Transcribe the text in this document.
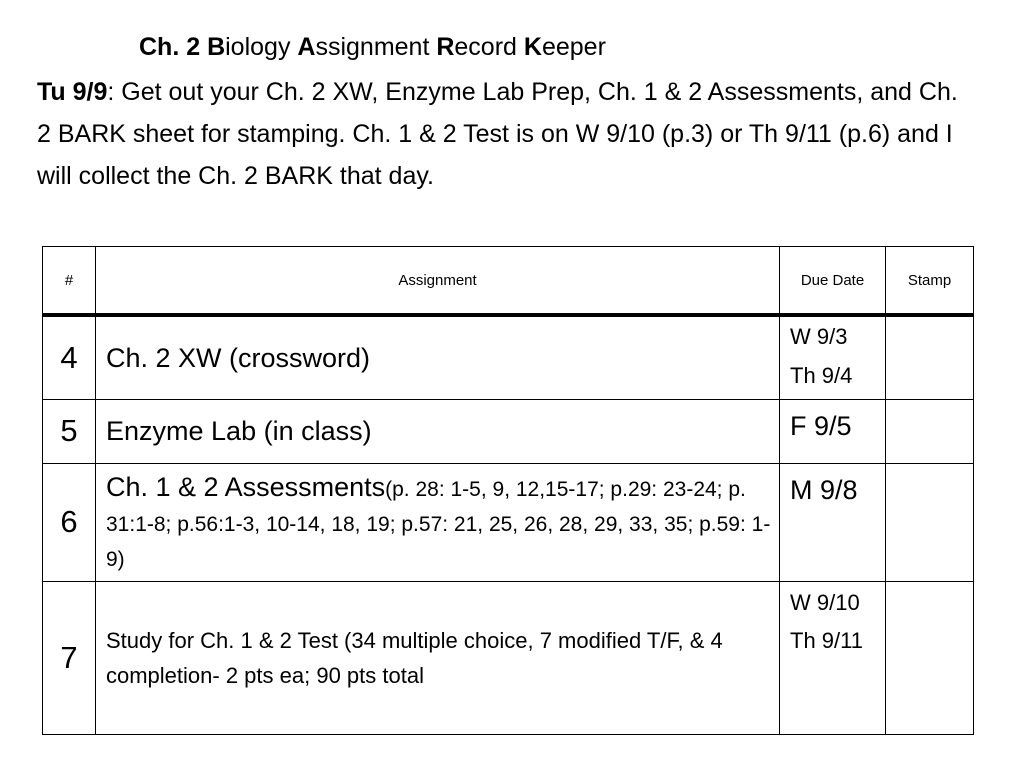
Ch. 2 Biology Assignment Record Keeper
Tu 9/9: Get out your Ch. 2 XW, Enzyme Lab Prep, Ch. 1 & 2 Assessments, and Ch. 2 BARK sheet for stamping. Ch. 1 & 2 Test is on W 9/10 (p.3) or Th 9/11 (p.6) and I will collect the Ch. 2 BARK that day.
#	Assignment	Due Date	Stamp
4	Ch. 2 XW (crossword)	W 9/3
Th 9/4	

5	Enzyme Lab (in class)	F 9/5	

6	Ch. 1 & 2 Assessments(p. 28: 1-5, 9, 12,15-17; p.29: 23-24; p. 31:1-8; p.56:1-3, 10-14, 18, 19; p.57: 21, 25, 26, 28, 29, 33, 35; p.59: 1-9)	M 9/8	

7	Study for Ch. 1 & 2 Test (34 multiple choice, 7 modified T/F, & 4 completion- 2 pts ea; 90 pts total	W 9/10
Th 9/11	
